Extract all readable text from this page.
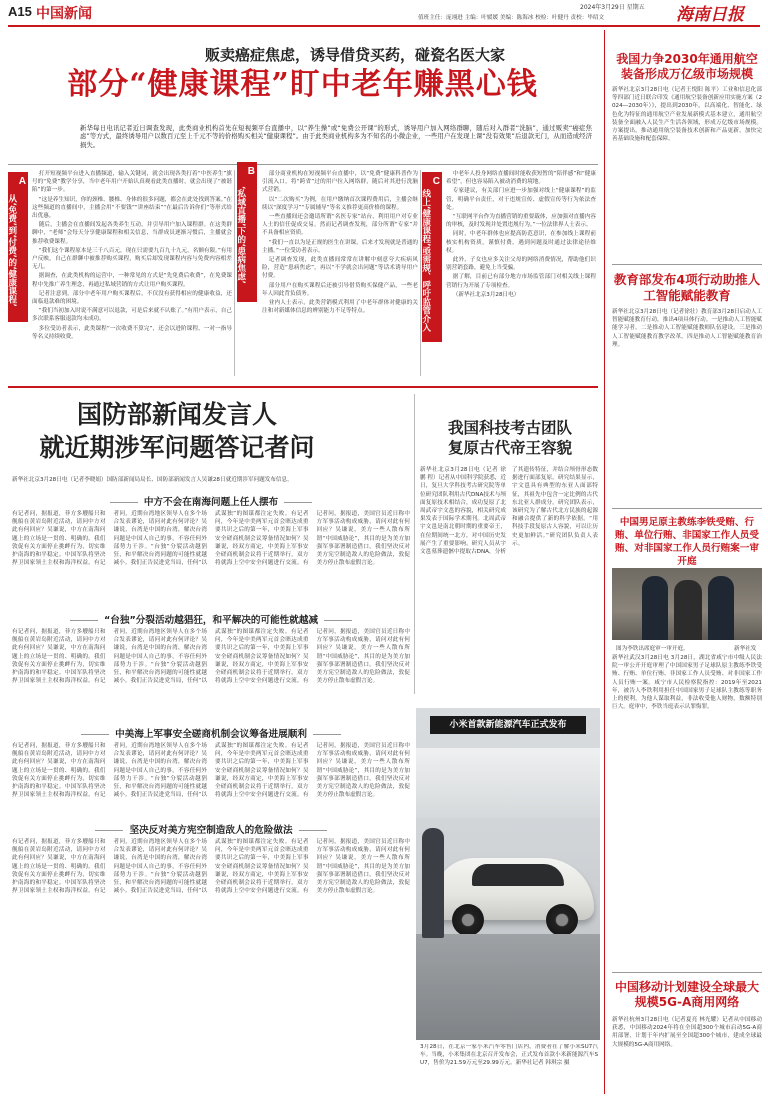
A15 中国新闻	2024年3月29日 星期五
值班主任：庞翊进 主编：叶媛媛 美编：陈海冰 校检：叶健丹 责校：毕绍文	海南日报
贩卖癌症焦虑，诱导借贷买药，碰瓷名医大家
部分“健康课程”盯中老年赚黑心钱
新华每日电讯记者近日调查发现，此类商业机构首先在短视频平台直播中，以“养生操”或“免费公开课”的形式，诱导用户加入网络群聊，随后对入群者“洗脑”，通过贩卖“癌症焦虑”等方式，最终诱导用户以数百元至上千元不等的价格购买相关“健康课程”。由于此类商业机构多为不知名的小微企业，一些用户在发现上课“没有效果”后退款无门，从而造成经济损失。
A
从‘免费’到‘付费’的‘健康课程’
B
‘私域直播’下的‘患病焦虑’
C
线上‘健康课程’亟需规、呼吁监管介入

打开短视频平台进入直播频道，输入关键词，就会出现各类打着“中医养生”旗号的“免费”教学分享，当中老年用户开始认真观看此类直播时，就会出现了“被谐陷”的第一步。

“这是养生知识，你的颈椎、腰椎、身体的很多问题，都会在此处找到答案。”在这些频道的直播间中，主播会用“不要钱”“讲座结束”“在最后告诉你们”等形式给出优惠。

随后，主播会在直播间发起各类养生互动，并引导用户加入课程群。在这类群聊中，“老师”会每天分享健康课程和相关信息，当群成员逐渐习惯后，主播就会推荐收费课程。

“我们这个课程原本是三千八百元，现在只需要九百九十九元，名额有限。”有用户反映，自己在群聊中被推荐购买课程，购买后却发现课程内容与免费内容相差无几。

据调查，在此类机构的运营中，一种常见的方式是“先免费后收费”，在免费课程中先推广养生理念，再通过私域营销的方式让用户购买课程。

记者注意到，部分中老年用户购买课程后，不仅没有获得相应的健康收益，还面临退款难的困境。

“我们当初加入时说不满意可以退款，可是后来就不认账了。”有用户表示，自己多次联系客服退款均未成功。

多位受访者表示，此类课程“一次收费不算完”，还会以进阶课程、一对一指导等名义持续收费。

部分商业机构在短视频平台直播中，以“免费”健康科普作为引流入口，将“跨省”过的用户拉入网络群，随后对其进行洗脑式营销。

以“二次购买”为例，在用户缴纳首次课程费用后，主播会继续以“深度学习”“专属辅导”等名义推荐更高价格的课程。

一些直播间还会邀请所谓“名医专家”站台，利用用户对专业人士的信任促成交易。然而记者调查发现，部分所谓“专家”并不具备相应资质。

“我们一直以为是正规的医生在讲课，后来才发现就是普通的主播。”一位受访者表示。

记者调查发现，此类直播间常常在讲解中刻意夸大疾病风险，营造“患病焦虑”，再以“不学就会出问题”等话术诱导用户付费。

部分用户在购买课程后还被引导借贷购买保健产品，一些老年人因此背负债务。

业内人士表示，此类营销模式利用了中老年群体对健康的关注和对新媒体信息的辨别能力不足等特点。

中老年人投身网络直播间时能收获短暂的“陪伴感”和“健康希望”，但也容易陷入被动消费的境地。

专家建议，有关部门应进一步加强对线上“健康课程”的监管，明确平台责任，对于违规宣传、虚假宣传等行为依法查处。

“互联网平台作为直播营销的重要载体，应加强对直播内容的审核，及时发现并处置违规行为。”一位法律界人士表示。

同时，中老年群体也应提高防范意识，在参加线上课程前核实机构资质，谨慎付费，遇到问题及时通过法律途径维权。

此外，子女也应多关注父母的网络消费情况，帮助他们识别营销套路，避免上当受骗。

据了解，目前已有部分地方市场监管部门对相关线上课程营销行为开展了专项检查。

（新华社北京3月28日电）

国防部新闻发言人
就近期涉军问题答记者问
新华社北京3月28日电（记者李晓娟）国防部新闻局局长、国防部新闻发言人吴谦28日就近期涉军问题发布信息。
中方不会在南海问题上任人摆布
有记者问，据报道，菲方多艘船只和舰船在黄岩岛附近活动，请问中方对此有何回应？吴谦说，中方在南海问题上的立场是一贯的、明确的。我们敦促有关方面停止挑衅行为，切实维护南海的和平稳定。中国军队将坚决捍卫国家领土主权和海洋权益。有记者问，近期台湾地区领导人在多个场合发表谬论，请问对此有何评论？吴谦说，台湾是中国的台湾，解决台湾问题是中国人自己的事，不容任何外部势力干涉。“台独”分裂活动越猖狂，和平解决台湾问题的可能性就越减小。我们正告民进党当局，任何“以武谋独”的图谋都注定失败。有记者问，今年是中美两军元首会晤达成重要共识之后的第一年，中美海上军事安全磋商机制会议筹备情况如何？吴谦说，经双方商定，中美海上军事安全磋商机制会议将于近期举行，双方将就海上空中安全问题进行交流。有记者问，据报道，美国官员近日称中方军事活动构成威胁，请问对此有何回应？吴谦说，美方一些人散布所谓“中国威胁论”，其目的是为美方加强军事部署制造借口。我们坚决反对美方宪空制造敌人的危险做法，敦促美方停止散布虚假言论。
“台独”分裂活动越猖狂，和平解决的可能性就越减
有记者问，据报道，菲方多艘船只和舰船在黄岩岛附近活动，请问中方对此有何回应？吴谦说，中方在南海问题上的立场是一贯的、明确的。我们敦促有关方面停止挑衅行为，切实维护南海的和平稳定。中国军队将坚决捍卫国家领土主权和海洋权益。有记者问，近期台湾地区领导人在多个场合发表谬论，请问对此有何评论？吴谦说，台湾是中国的台湾，解决台湾问题是中国人自己的事，不容任何外部势力干涉。“台独”分裂活动越猖狂，和平解决台湾问题的可能性就越减小。我们正告民进党当局，任何“以武谋独”的图谋都注定失败。有记者问，今年是中美两军元首会晤达成重要共识之后的第一年，中美海上军事安全磋商机制会议筹备情况如何？吴谦说，经双方商定，中美海上军事安全磋商机制会议将于近期举行，双方将就海上空中安全问题进行交流。有记者问，据报道，美国官员近日称中方军事活动构成威胁，请问对此有何回应？吴谦说，美方一些人散布所谓“中国威胁论”，其目的是为美方加强军事部署制造借口。我们坚决反对美方宪空制造敌人的危险做法，敦促美方停止散布虚假言论。
中美海上军事安全磋商机制会议筹备进展顺利
有记者问，据报道，菲方多艘船只和舰船在黄岩岛附近活动，请问中方对此有何回应？吴谦说，中方在南海问题上的立场是一贯的、明确的。我们敦促有关方面停止挑衅行为，切实维护南海的和平稳定。中国军队将坚决捍卫国家领土主权和海洋权益。有记者问，近期台湾地区领导人在多个场合发表谬论，请问对此有何评论？吴谦说，台湾是中国的台湾，解决台湾问题是中国人自己的事，不容任何外部势力干涉。“台独”分裂活动越猖狂，和平解决台湾问题的可能性就越减小。我们正告民进党当局，任何“以武谋独”的图谋都注定失败。有记者问，今年是中美两军元首会晤达成重要共识之后的第一年，中美海上军事安全磋商机制会议筹备情况如何？吴谦说，经双方商定，中美海上军事安全磋商机制会议将于近期举行，双方将就海上空中安全问题进行交流。有记者问，据报道，美国官员近日称中方军事活动构成威胁，请问对此有何回应？吴谦说，美方一些人散布所谓“中国威胁论”，其目的是为美方加强军事部署制造借口。我们坚决反对美方宪空制造敌人的危险做法，敦促美方停止散布虚假言论。
坚决反对美方宪空制造敌人的危险做法
有记者问，据报道，菲方多艘船只和舰船在黄岩岛附近活动，请问中方对此有何回应？吴谦说，中方在南海问题上的立场是一贯的、明确的。我们敦促有关方面停止挑衅行为，切实维护南海的和平稳定。中国军队将坚决捍卫国家领土主权和海洋权益。有记者问，近期台湾地区领导人在多个场合发表谬论，请问对此有何评论？吴谦说，台湾是中国的台湾，解决台湾问题是中国人自己的事，不容任何外部势力干涉。“台独”分裂活动越猖狂，和平解决台湾问题的可能性就越减小。我们正告民进党当局，任何“以武谋独”的图谋都注定失败。有记者问，今年是中美两军元首会晤达成重要共识之后的第一年，中美海上军事安全磋商机制会议筹备情况如何？吴谦说，经双方商定，中美海上军事安全磋商机制会议将于近期举行，双方将就海上空中安全问题进行交流。有记者问，据报道，美国官员近日称中方军事活动构成威胁，请问对此有何回应？吴谦说，美方一些人散布所谓“中国威胁论”，其目的是为美方加强军事部署制造借口。我们坚决反对美方宪空制造敌人的危险做法，敦促美方停止散布虚假言论。
我国科技考古团队
复原古代帝王容貌
新华社北京3月28日电（记者 徐 鹏 程）记者从中国科学院获悉，近日，复旦大学科技考古研究院等单位研究团队利用古代DNA技术与颅面复原技术相结合，成功复原了北周武帝宇文邕的容貌，相关研究成果发表于国际学术期刊。北周武帝宇文邕是南北朝时期的重要帝王，在位期间统一北方，对中国历史发展产生了重要影响。研究人员从宇文邕墓葬遗骸中提取古DNA，分析了其遗传特征，并结合颅骨形态数据进行面部复原。研究结果显示，宇文邕具有典型的东亚人面部特征，其祖先中包含一定比例的古代东北亚人群成分。研究团队表示，该研究为了解古代北方民族的起源和融合提供了新的科学依据。“用科技手段复原古人容貌，可以让历史更加鲜活。”研究团队负责人表示。
小米首款新能源汽车正式发布
3月28日，在北京一家小米汽车零售门店内，消费者在了解小米SU7汽车。当晚，小米集团在北京召开发布会，正式发布首款小米新能源汽车SU7，售价为21.59万元至29.99万元。新华社记者 韩琪宗 摄
我国力争2030年通用航空装备形成万亿级市场规模
新华社北京3月28日电（记者王悦阳 陈平）工业和信息化部等四部门近日联合印发《通用航空装备创新应用实施方案（2024—2030年）》，提出到2030年，以高端化、智能化、绿色化为特征的通用航空产业发展新模式基本建立，通用航空装备全面融入人民生产生活各领域，形成万亿级市场规模。方案提出，推动通用航空装备技术创新和产品更新，加快完善基础设施和配套保障。
教育部发布4项行动助推人工智能赋能教育
新华社北京3月28日电（记者徐壮）教育部3月28日启动人工智能赋能教育行动，推出4项具体行动。一是推动人工智能赋能学习者。二是推动人工智能赋能教师队伍建设。三是推动人工智能赋能教育教学改革。四是推动人工智能赋能教育治理。
中国男足原主教练李铁受贿、行贿、单位行贿、非国家工作人员受贿、对非国家工作人员行贿案一审开庭
图为李铁出席庭审一审开庭。	新华社发
新华社武汉3月28日电 3月28日，湖北省咸宁市中级人民法院一审公开开庭审理了中国国家男子足球队原主教练李铁受贿、行贿、单位行贿、非国家工作人员受贿、对非国家工作人员行贿一案。咸宁市人民检察院指控：2019年至2021年，被告人李铁利用担任中国国家男子足球队主教练等职务上的便利，为他人谋取利益，非法收受他人财物，数额特别巨大。庭审中，李铁当庭表示认罪悔罪。
中国移动计划建设全球最大规模5G-A商用网络
新华社杭州3月28日电（记者夏亮 林光耀）记者从中国移动获悉，中国移动2024年将在全国超300个城市启动5G-A商用部署，计划于年内扩展至全国超300个城市，建成全球最大规模的5G-A商用网络。
